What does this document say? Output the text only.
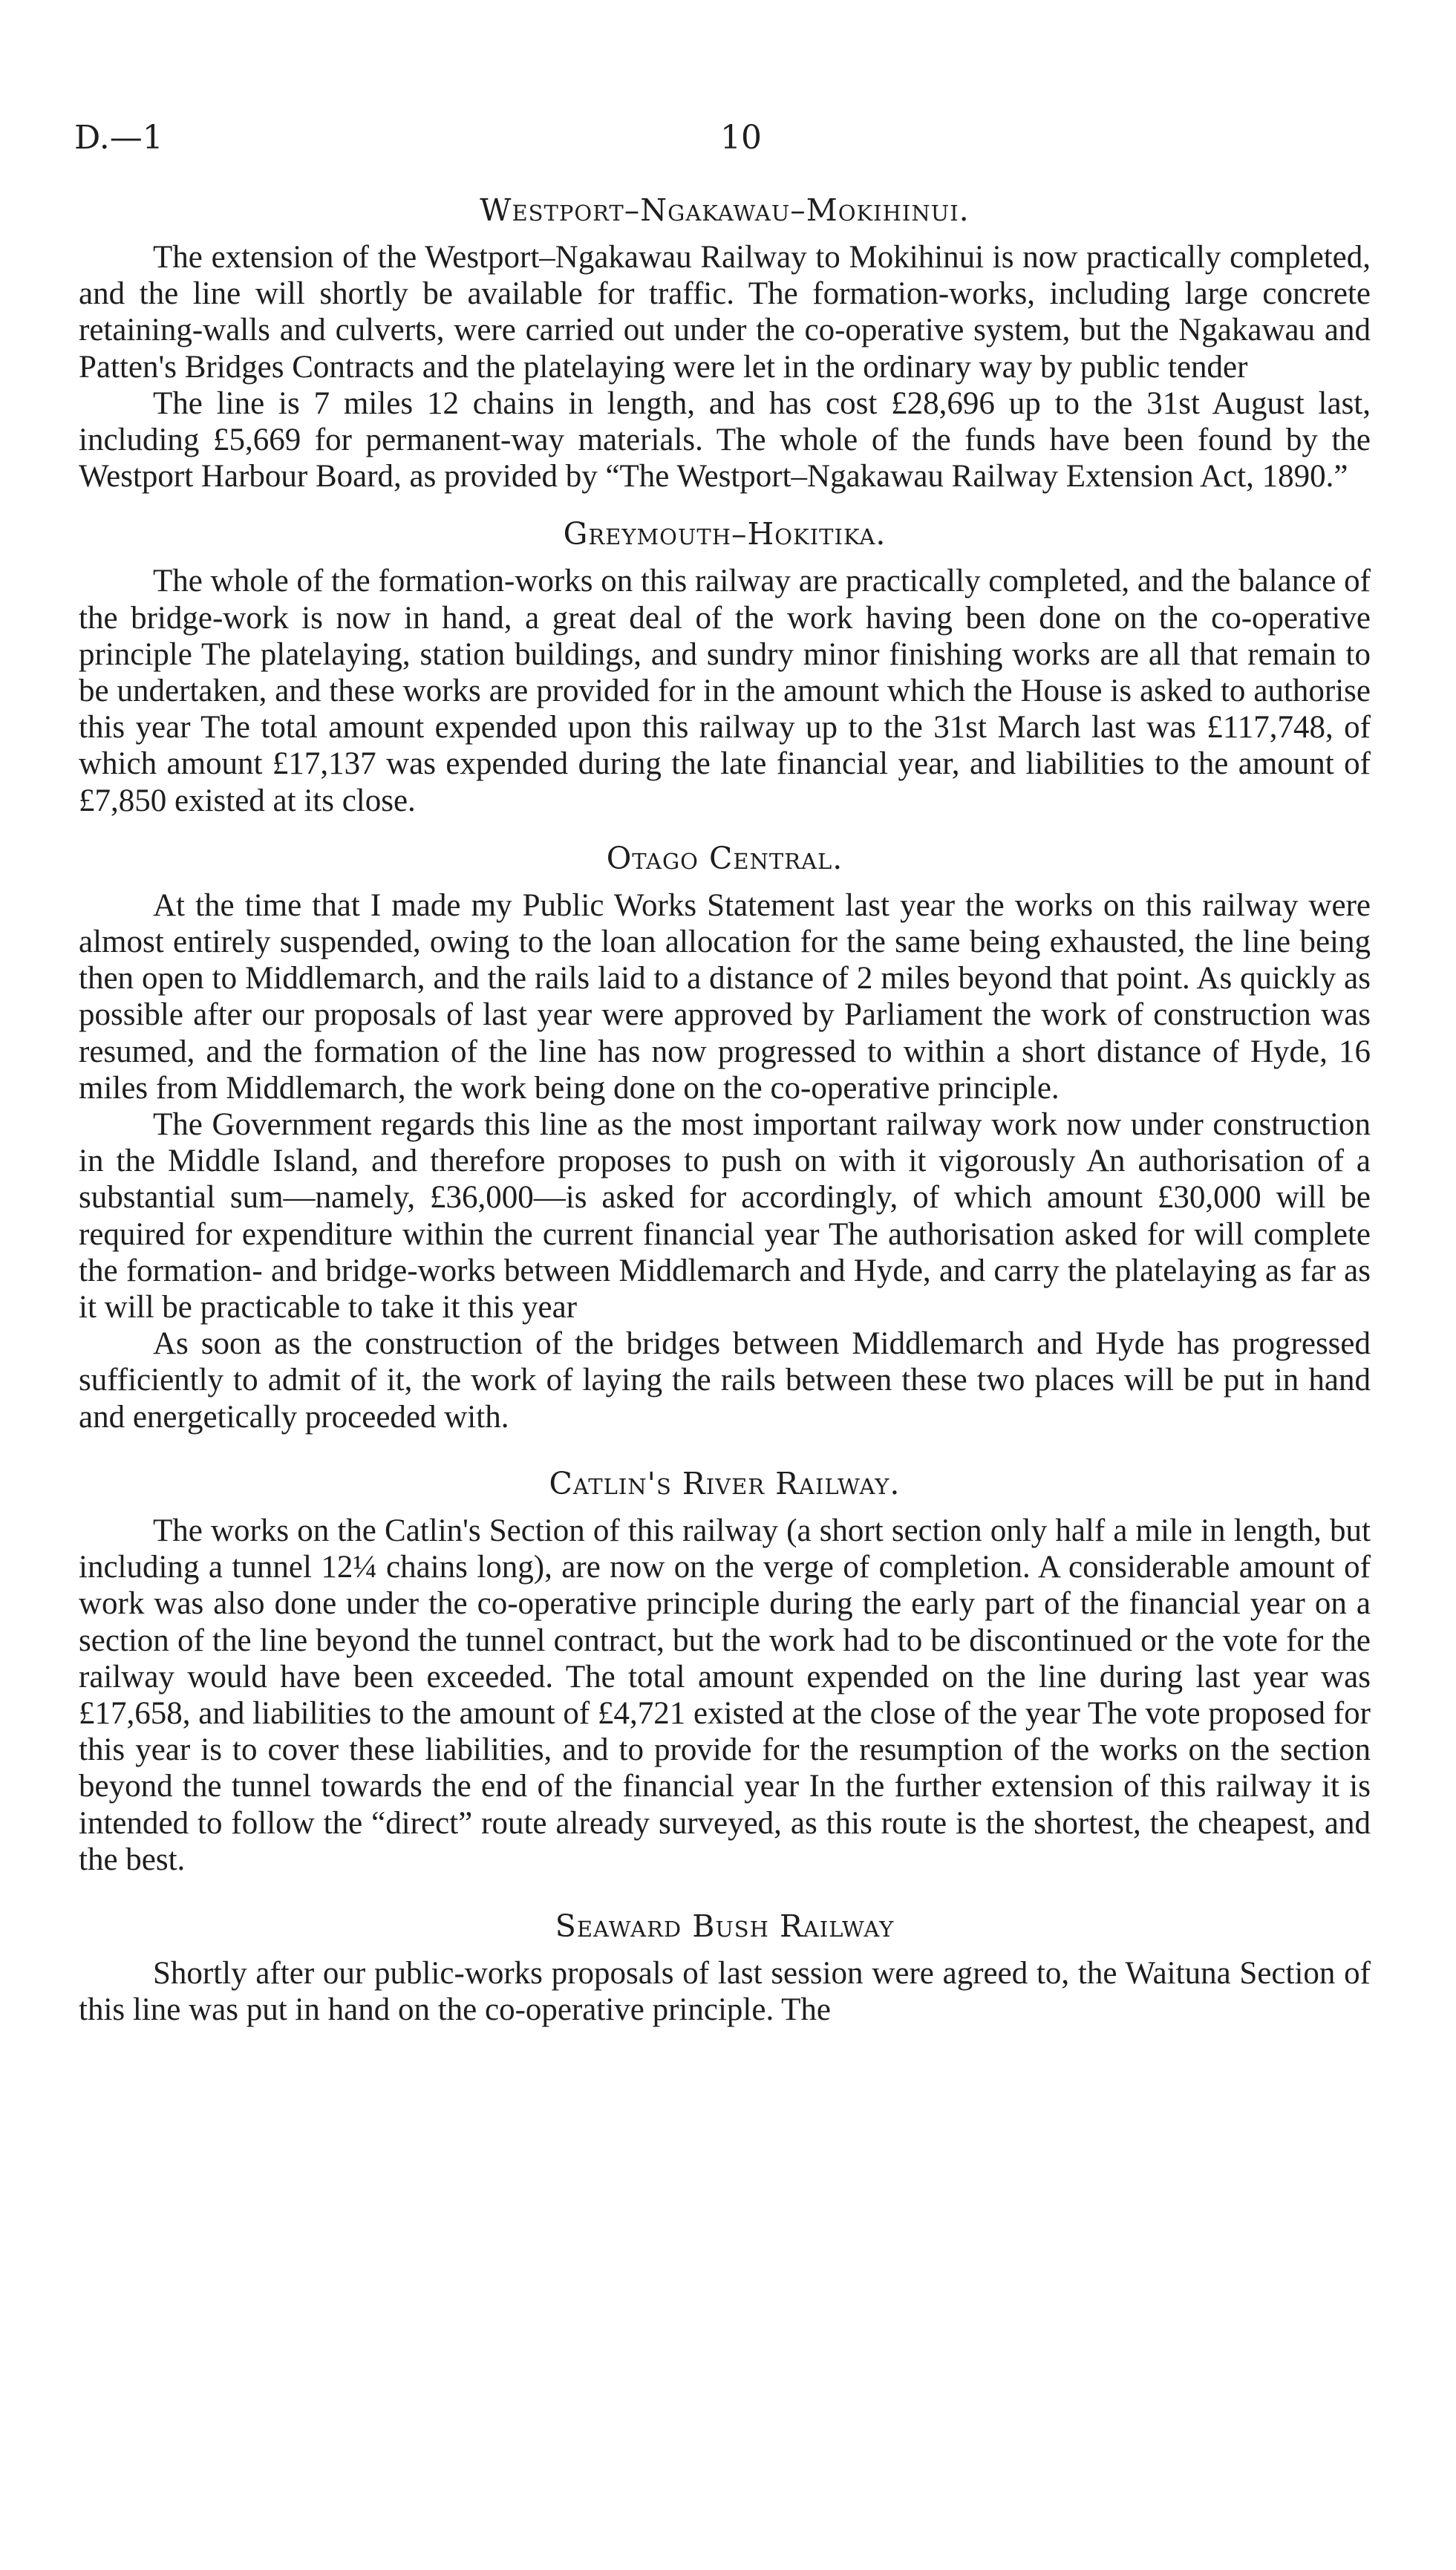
D.—1	10
Westport–Ngakawau–Mokihinui.

The extension of the Westport–Ngakawau Railway to Mokihinui is now practically completed, and the line will shortly be available for traffic. The formation-works, including large concrete retaining-walls and culverts, were carried out under the co-operative system, but the Ngakawau and Patten's Bridges Contracts and the platelaying were let in the ordinary way by public tender

The line is 7 miles 12 chains in length, and has cost £28,696 up to the 31st August last, including £5,669 for permanent-way materials. The whole of the funds have been found by the Westport Harbour Board, as provided by “The Westport–Ngakawau Railway Extension Act, 1890.”

Greymouth–Hokitika.

The whole of the formation-works on this railway are practically completed, and the balance of the bridge-work is now in hand, a great deal of the work having been done on the co-operative principle The platelaying, station buildings, and sundry minor finishing works are all that remain to be undertaken, and these works are provided for in the amount which the House is asked to authorise this year The total amount expended upon this railway up to the 31st March last was £117,748, of which amount £17,137 was expended during the late financial year, and liabilities to the amount of £7,850 existed at its close.

Otago Central.

At the time that I made my Public Works Statement last year the works on this railway were almost entirely suspended, owing to the loan allocation for the same being exhausted, the line being then open to Middlemarch, and the rails laid to a distance of 2 miles beyond that point. As quickly as possible after our proposals of last year were approved by Parliament the work of construction was resumed, and the formation of the line has now progressed to within a short distance of Hyde, 16 miles from Middlemarch, the work being done on the co-operative principle.

The Government regards this line as the most important railway work now under construction in the Middle Island, and therefore proposes to push on with it vigorously An authorisation of a substantial sum—namely, £36,000—is asked for accordingly, of which amount £30,000 will be required for expenditure within the current financial year The authorisation asked for will complete the formation- and bridge-works between Middlemarch and Hyde, and carry the platelaying as far as it will be practicable to take it this year

As soon as the construction of the bridges between Middlemarch and Hyde has progressed sufficiently to admit of it, the work of laying the rails between these two places will be put in hand and energetically proceeded with.

Catlin's River Railway.

The works on the Catlin's Section of this railway (a short section only half a mile in length, but including a tunnel 12¼ chains long), are now on the verge of completion. A considerable amount of work was also done under the co-operative principle during the early part of the financial year on a section of the line beyond the tunnel contract, but the work had to be discontinued or the vote for the railway would have been exceeded. The total amount expended on the line during last year was £17,658, and liabilities to the amount of £4,721 existed at the close of the year The vote proposed for this year is to cover these liabilities, and to provide for the resumption of the works on the section beyond the tunnel towards the end of the financial year In the further extension of this railway it is intended to follow the “direct” route already surveyed, as this route is the shortest, the cheapest, and the best.

Seaward Bush Railway

Shortly after our public-works proposals of last session were agreed to, the Waituna Section of this line was put in hand on the co-operative principle. The
